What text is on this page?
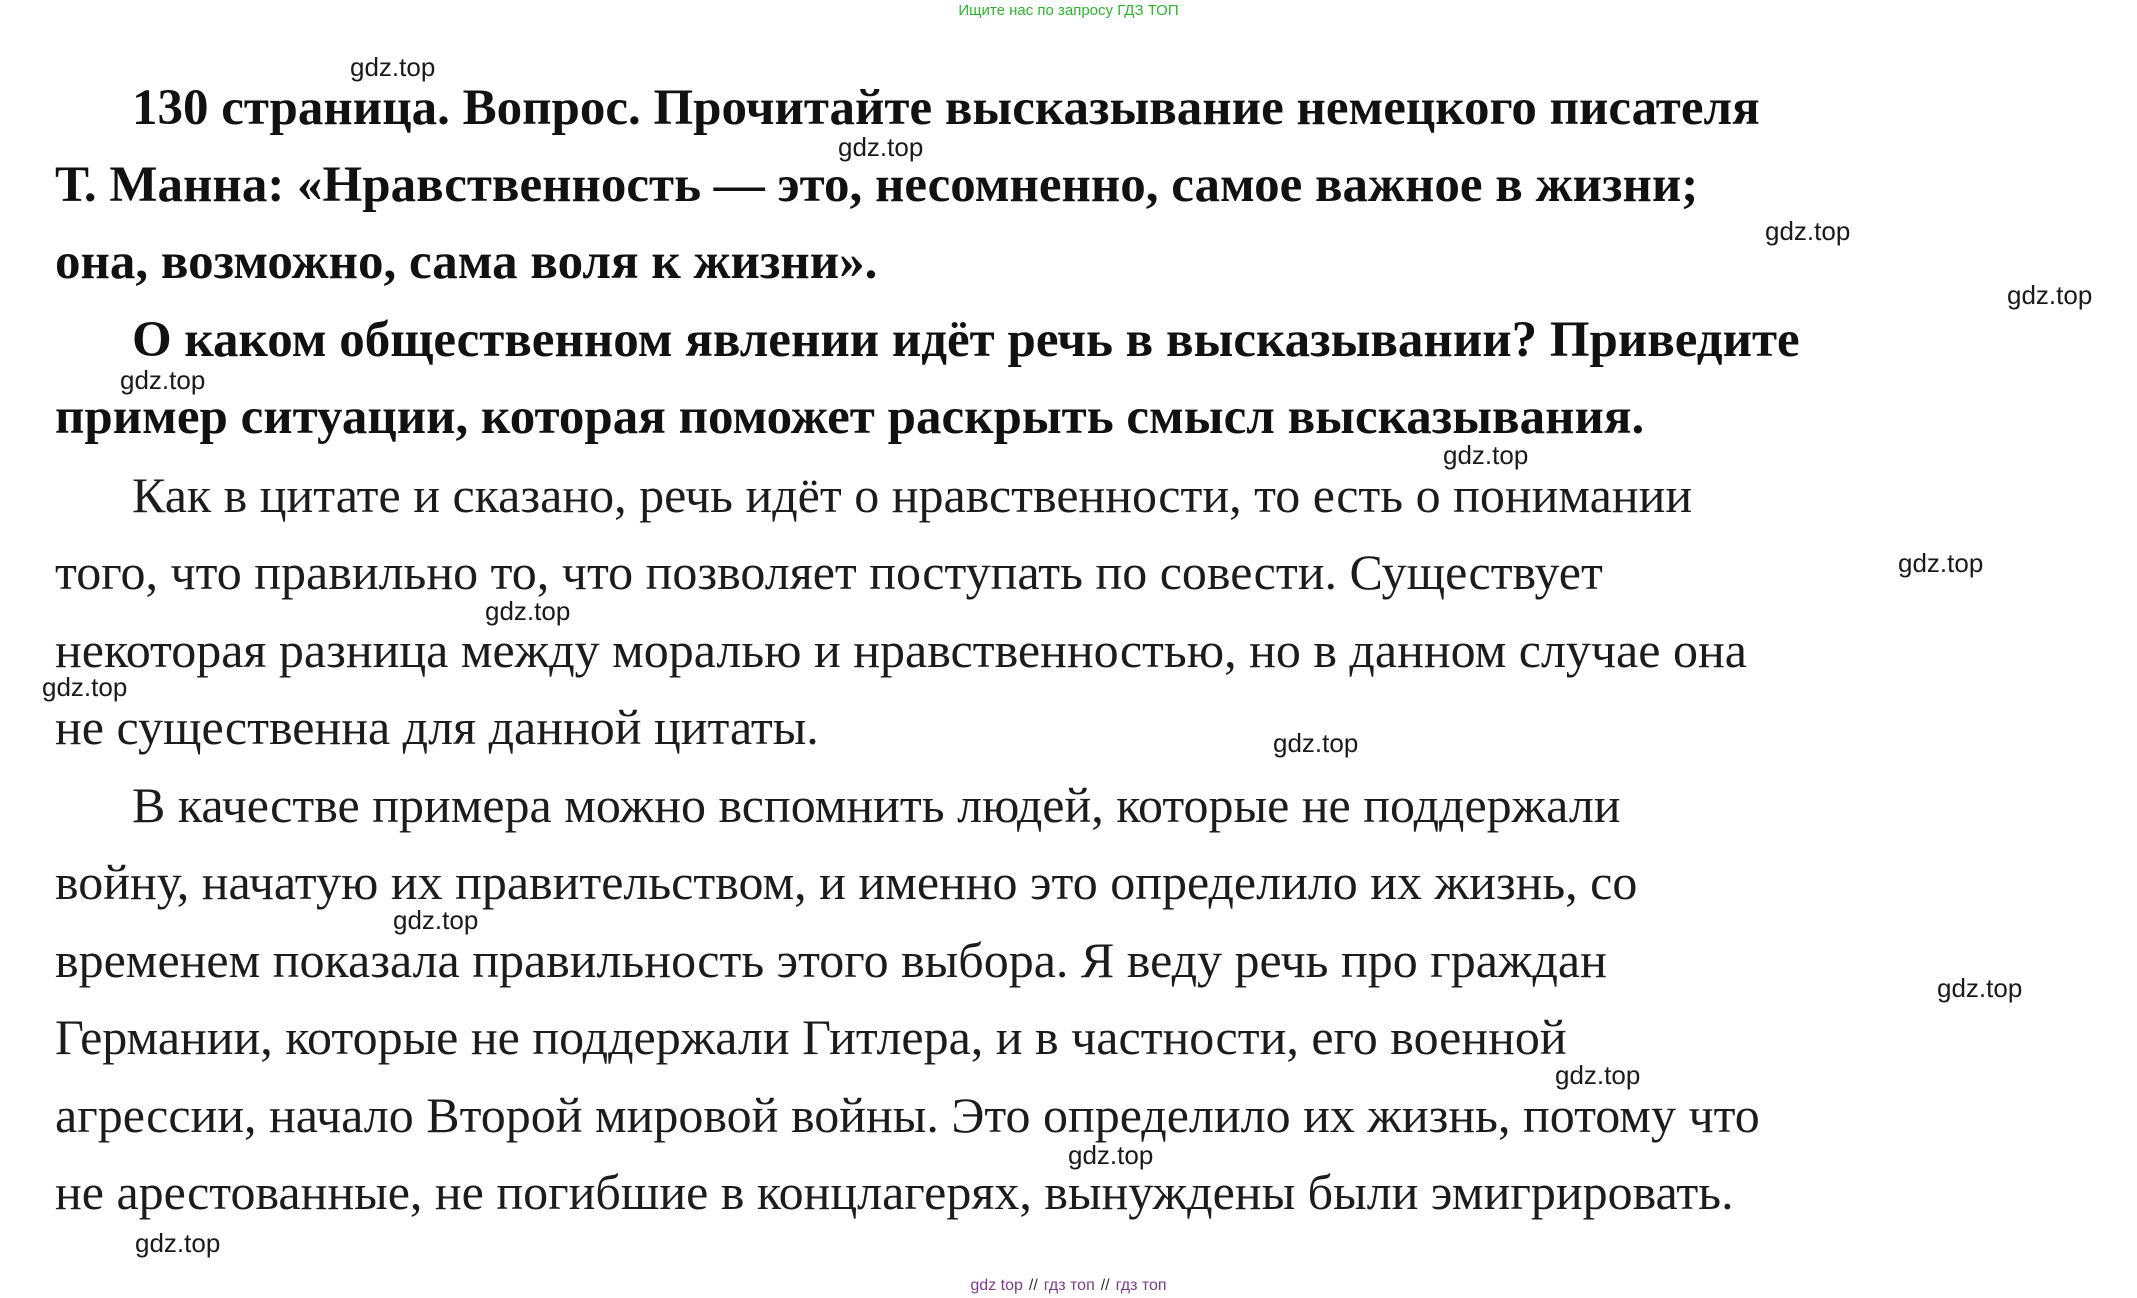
Ищите нас по запросу ГДЗ ТОП
130 страница. Вопрос. Прочитайте высказывание немецкого писателя
Т. Манна: «Нравственность — это, несомненно, самое важное в жизни;
она, возможно, сама воля к жизни».
О каком общественном явлении идёт речь в высказывании? Приведите
пример ситуации, которая поможет раскрыть смысл высказывания.
Как в цитате и сказано, речь идёт о нравственности, то есть о понимании
того, что правильно то, что позволяет поступать по совести. Существует
некоторая разница между моралью и нравственностью, но в данном случае она
не существенна для данной цитаты.
В качестве примера можно вспомнить людей, которые не поддержали
войну, начатую их правительством, и именно это определило их жизнь, со
временем показала правильность этого выбора. Я веду речь про граждан
Германии, которые не поддержали Гитлера, и в частности, его военной
агрессии, начало Второй мировой войны. Это определило их жизнь, потому что
не арестованные, не погибшие в концлагерях, вынуждены были эмигрировать.
gdz.top
gdz.top
gdz.top
gdz.top
gdz.top
gdz.top
gdz.top
gdz.top
gdz.top
gdz.top
gdz.top
gdz.top
gdz.top
gdz.top
gdz.top
gdz top // гдз топ // гдз топ
